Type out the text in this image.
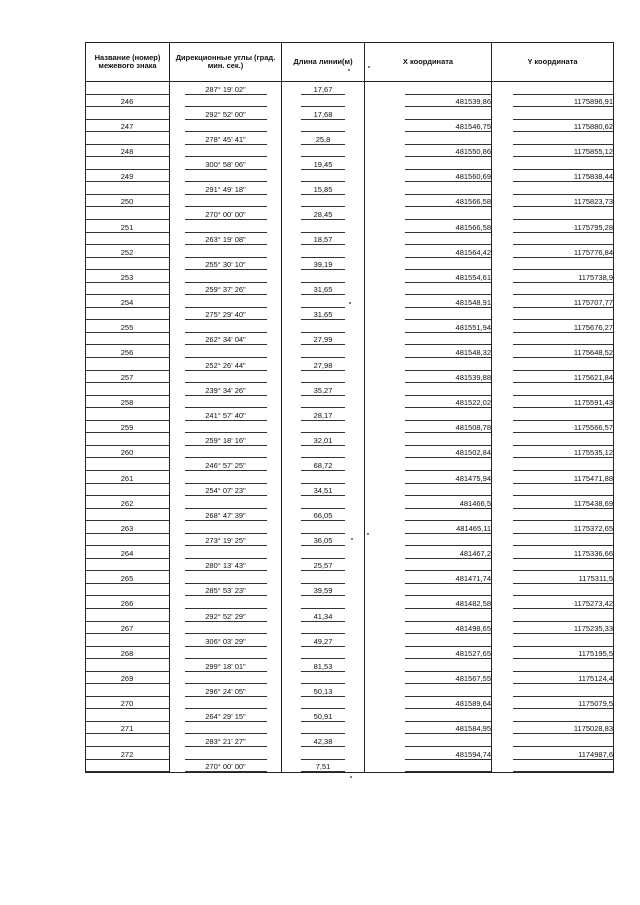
Название (номер) межевого знака	Дирекционные углы (град. мин. сек.)	Длина линии(м)	X координата	Y координата
	287° 19' 02"	17,67		
246			481539,86	1175896,91
	292° 52' 00"	17,68		
247			481546,75	1175880,62
	278° 45' 41"	25,8		
248			481550,86	1175855,12
	300° 58' 06"	19,45		
249			481560,69	1175838,44
	291° 49' 18"	15,85		
250			481566,58	1175823,73
	270° 00' 00"	28,45		
251			481566,58	1175795,28
	263° 19' 08"	18,57		
252			481564,42	1175776,84
	255° 30' 10"	39,19		
253			481554,61	1175738,9
	259° 37' 26"	31,65		
254			481548,91	1175707,77
	275° 29' 40"	31,65		
255			481551,94	1175676,27
	262° 34' 04"	27,99		
256			481548,32	1175648,52
	252° 26' 44"	27,98		
257			481539,88	1175621,84
	239° 34' 26"	35,27		
258			481522,02	1175591,43
	241° 57' 40"	28,17		
259			481508,78	1175566,57
	259° 18' 16"	32,01		
260			481502,84	1175535,12
	246° 57' 25"	68,72		
261			481475,94	1175471,88
	254° 07' 23"	34,51		
262			481466,5	1175438,69
	268° 47' 39"	66,05		
263			481465,11	1175372,65
	273° 19' 25"	36,05		
264			481467,2	1175336,66
	280° 13' 43"	25,57		
265			481471,74	1175311,5
	285° 53' 23"	39,59		
266			481482,58	1175273,42
	292° 52' 29"	41,34		
267			481498,65	1175235,33
	306° 03' 29"	49,27		
268			481527,65	1175195,5
	299° 18' 01"	81,53		
269			481567,55	1175124,4
	296° 24' 05"	50,13		
270			481589,64	1175079,5
	264° 29' 15"	50,91		
271			481584,95	1175028,83
	283° 21' 27"	42,38		
272			481594,74	1174987,6
	270° 00' 00"	7,51		
